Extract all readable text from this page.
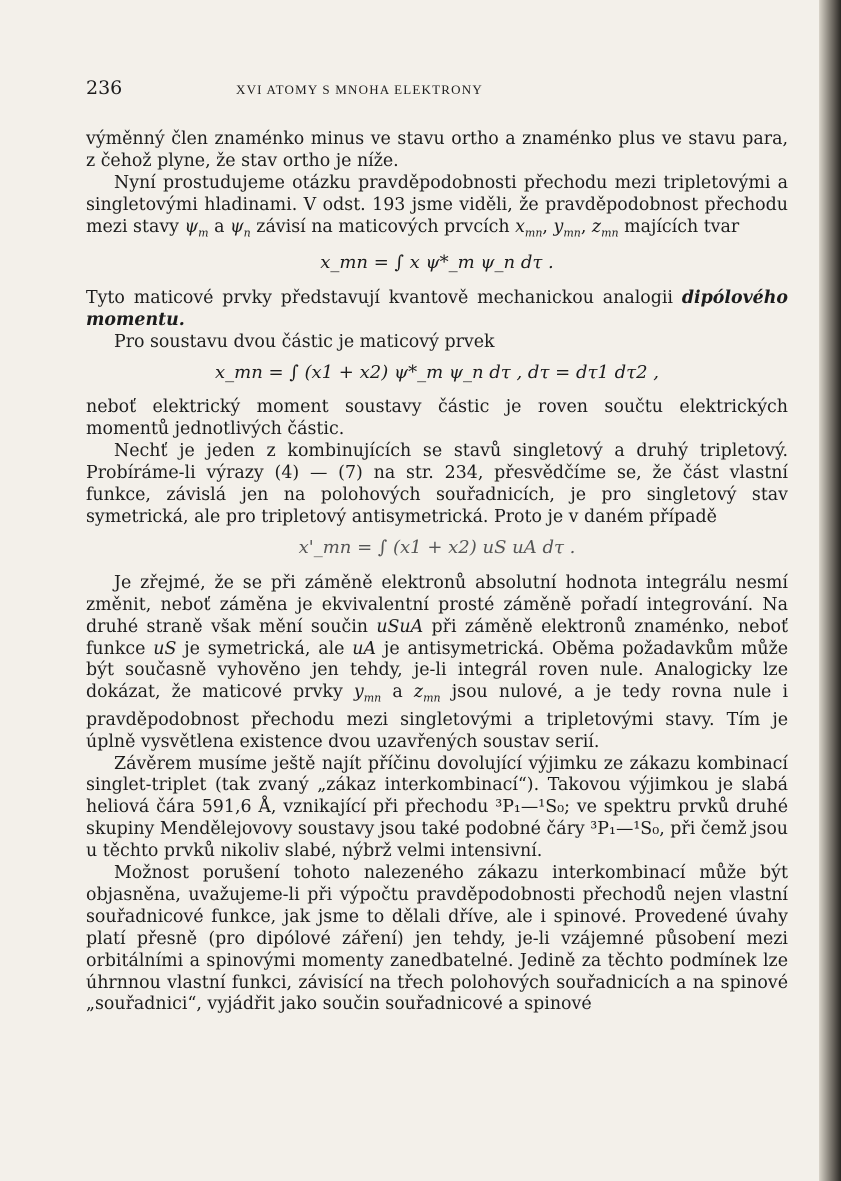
236	XVI ATOMY S MNOHA ELEKTRONY

výměnný člen znaménko minus ve stavu ortho a znaménko plus ve stavu para, z čehož plyne, že stav ortho je níže.

Nyní prostudujeme otázku pravděpodobnosti přechodu mezi tripletovými a singletovými hladinami. V odst. 193 jsme viděli, že pravděpodobnost přechodu mezi stavy $\psi_m$ a $\psi_n$ závisí na maticových prvcích $x_{mn}$, $y_{mn}$, $z_{mn}$ majících tvar

x_mn = ∫ x ψ*_m ψ_n dτ .

Tyto maticové prvky představují kvantově mechanickou analogii dipólového momentu.

Pro soustavu dvou částic je maticový prvek

x_mn = ∫ (x1 + x2) ψ*_m ψ_n dτ , dτ = dτ1 dτ2 ,

neboť elektrický moment soustavy částic je roven součtu elektrických momentů jednotlivých částic.

Nechť je jeden z kombinujících se stavů singletový a druhý tripletový. Probíráme-li výrazy (4) — (7) na str. 234, přesvědčíme se, že část vlastní funkce, závislá jen na polohových souřadnicích, je pro singletový stav symetrická, ale pro tripletový antisymetrická. Proto je v daném případě

x'_mn = ∫ (x1 + x2) uS uA dτ .

Je zřejmé, že se při záměně elektronů absolutní hodnota integrálu nesmí změnit, neboť záměna je ekvivalentní prosté záměně pořadí integrování. Na druhé straně však mění součin uSuA při záměně elektronů znaménko, neboť funkce uS je symetrická, ale uA je antisymetrická. Oběma požadavkům může být současně vyhověno jen tehdy, je-li integrál roven nule. Analogicky lze dokázat, že maticové prvky $y_{mn}$ a $z_{mn}$ jsou nulové, a je tedy rovna nule i pravděpodobnost přechodu mezi singletovými a tripletovými stavy. Tím je úplně vysvětlena existence dvou uzavřených soustav serií.

Závěrem musíme ještě najít příčinu dovolující výjimku ze zákazu kombinací singlet-triplet (tak zvaný „zákaz interkombinací“). Takovou výjimkou je slabá heliová čára 591,6 Å, vznikající při přechodu ³P₁—¹S₀; ve spektru prvků druhé skupiny Mendělejovovy soustavy jsou také podobné čáry ³P₁—¹S₀, při čemž jsou u těchto prvků nikoliv slabé, nýbrž velmi intensivní.

Možnost porušení tohoto nalezeného zákazu interkombinací může být objasněna, uvažujeme-li při výpočtu pravděpodobnosti přechodů nejen vlastní souřadnicové funkce, jak jsme to dělali dříve, ale i spinové. Provedené úvahy platí přesně (pro dipólové záření) jen tehdy, je-li vzájemné působení mezi orbitálními a spinovými momenty zanedbatelné. Jedině za těchto podmínek lze úhrnnou vlastní funkci, závisící na třech polohových souřadnicích a na spinové „souřadnici“, vyjádřit jako součin souřadnicové a spinové
